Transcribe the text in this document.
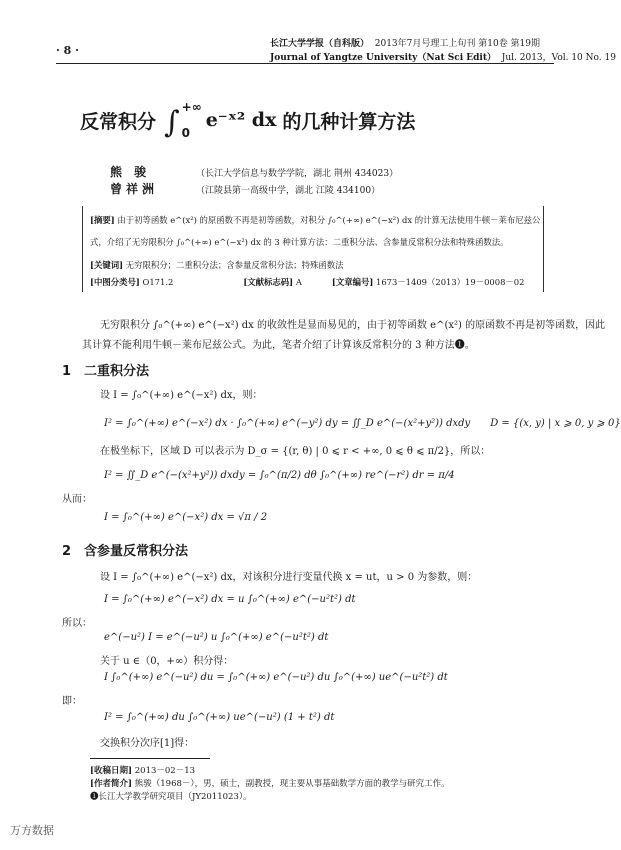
· 8 ·	长江大学学报（自科版） 2013年7月号理工上旬刊 第10卷 第19期
Journal of Yangtze University（Nat Sci Edit） Jul. 2013，Vol. 10 No. 19
反常积分 ∫ +∞
0
e⁻ˣ² dx 的几种计算方法
熊 骏	（长江大学信息与数学学院，湖北 荆州 434023）
曾祥洲	（江陵县第一高级中学，湖北 江陵 434100）
[摘要] 由于初等函数 e^(x²) 的原函数不再是初等函数，对积分 ∫₀^(+∞) e^(−x²) dx 的计算无法使用牛顿－莱布尼兹公
式，介绍了无穷限积分 ∫₀^(+∞) e^(−x²) dx 的 3 种计算方法：二重积分法、含参量反常积分法和特殊函数法。
[关键词] 无穷限积分；二重积分法；含参量反常积分法；特殊函数法
[中图分类号] O171.2	[文献标志码] A	[文章编号] 1673－1409（2013）19－0008－02
无穷限积分 ∫₀^(+∞) e^(−x²) dx 的收敛性是显而易见的，由于初等函数 e^(x²) 的原函数不再是初等函数，因此
其计算不能利用牛顿－莱布尼兹公式。为此，笔者介绍了计算该反常积分的 3 种方法❶。
1　二重积分法
设 I = ∫₀^(+∞) e^(−x²) dx，则：
I² = ∫₀^(+∞) e^(−x²) dx · ∫₀^(+∞) e^(−y²) dy = ∬_D e^(−(x²+y²)) dxdy　　D = {(x, y) | x ⩾ 0, y ⩾ 0}
在极坐标下，区域 D 可以表示为 D_σ = {(r, θ) | 0 ⩽ r < +∞, 0 ⩽ θ ⩽ π/2}，所以：
I² = ∬_D e^(−(x²+y²)) dxdy = ∫₀^(π/2) dθ ∫₀^(+∞) re^(−r²) dr = π/4
从而：
I = ∫₀^(+∞) e^(−x²) dx = √π / 2
2　含参量反常积分法
设 I = ∫₀^(+∞) e^(−x²) dx，对该积分进行变量代换 x = ut，u > 0 为参数，则：
I = ∫₀^(+∞) e^(−x²) dx = u ∫₀^(+∞) e^(−u²t²) dt
所以：
e^(−u²) I = e^(−u²) u ∫₀^(+∞) e^(−u²t²) dt
关于 u ∈（0，+∞）积分得：
I ∫₀^(+∞) e^(−u²) du = ∫₀^(+∞) e^(−u²) du ∫₀^(+∞) ue^(−u²t²) dt
即：
I² = ∫₀^(+∞) du ∫₀^(+∞) ue^(−u²) (1 + t²) dt
交换积分次序[1]得：
[收稿日期] 2013－02－13
[作者简介] 熊骏（1968－），男，硕士，副教授，现主要从事基础数学方面的教学与研究工作。
❶长江大学教学研究项目（JY2011023）。
万方数据
